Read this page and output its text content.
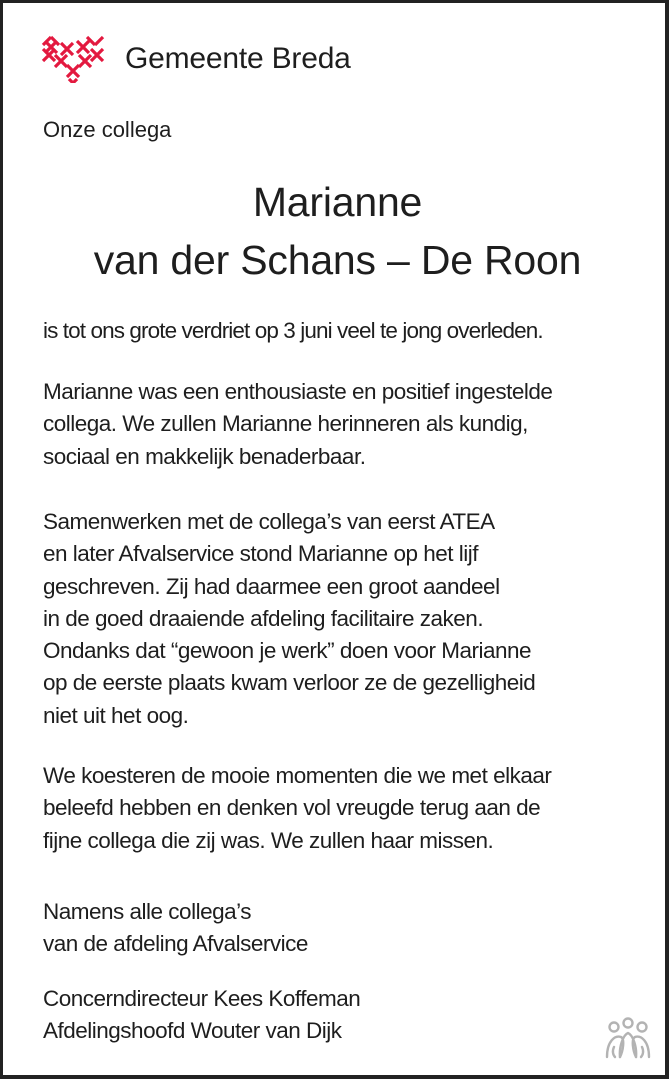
Gemeente Breda
Onze collega
Marianne
van der Schans – De Roon
is tot ons grote verdriet op 3 juni veel te jong overleden.
Marianne was een enthousiaste en positief ingestelde
collega. We zullen Marianne herinneren als kundig,
sociaal en makkelijk benaderbaar.
Samenwerken met de collega’s van eerst ATEA
en later Afvalservice stond Marianne op het lijf
geschreven. Zij had daarmee een groot aandeel
in de goed draaiende afdeling facilitaire zaken.
Ondanks dat “gewoon je werk” doen voor Marianne
op de eerste plaats kwam verloor ze de gezelligheid
niet uit het oog.
We koesteren de mooie momenten die we met elkaar
beleefd hebben en denken vol vreugde terug aan de
fijne collega die zij was. We zullen haar missen.
Namens alle collega’s
van de afdeling Afvalservice
Concerndirecteur Kees Koffeman
Afdelingshoofd Wouter van Dijk
